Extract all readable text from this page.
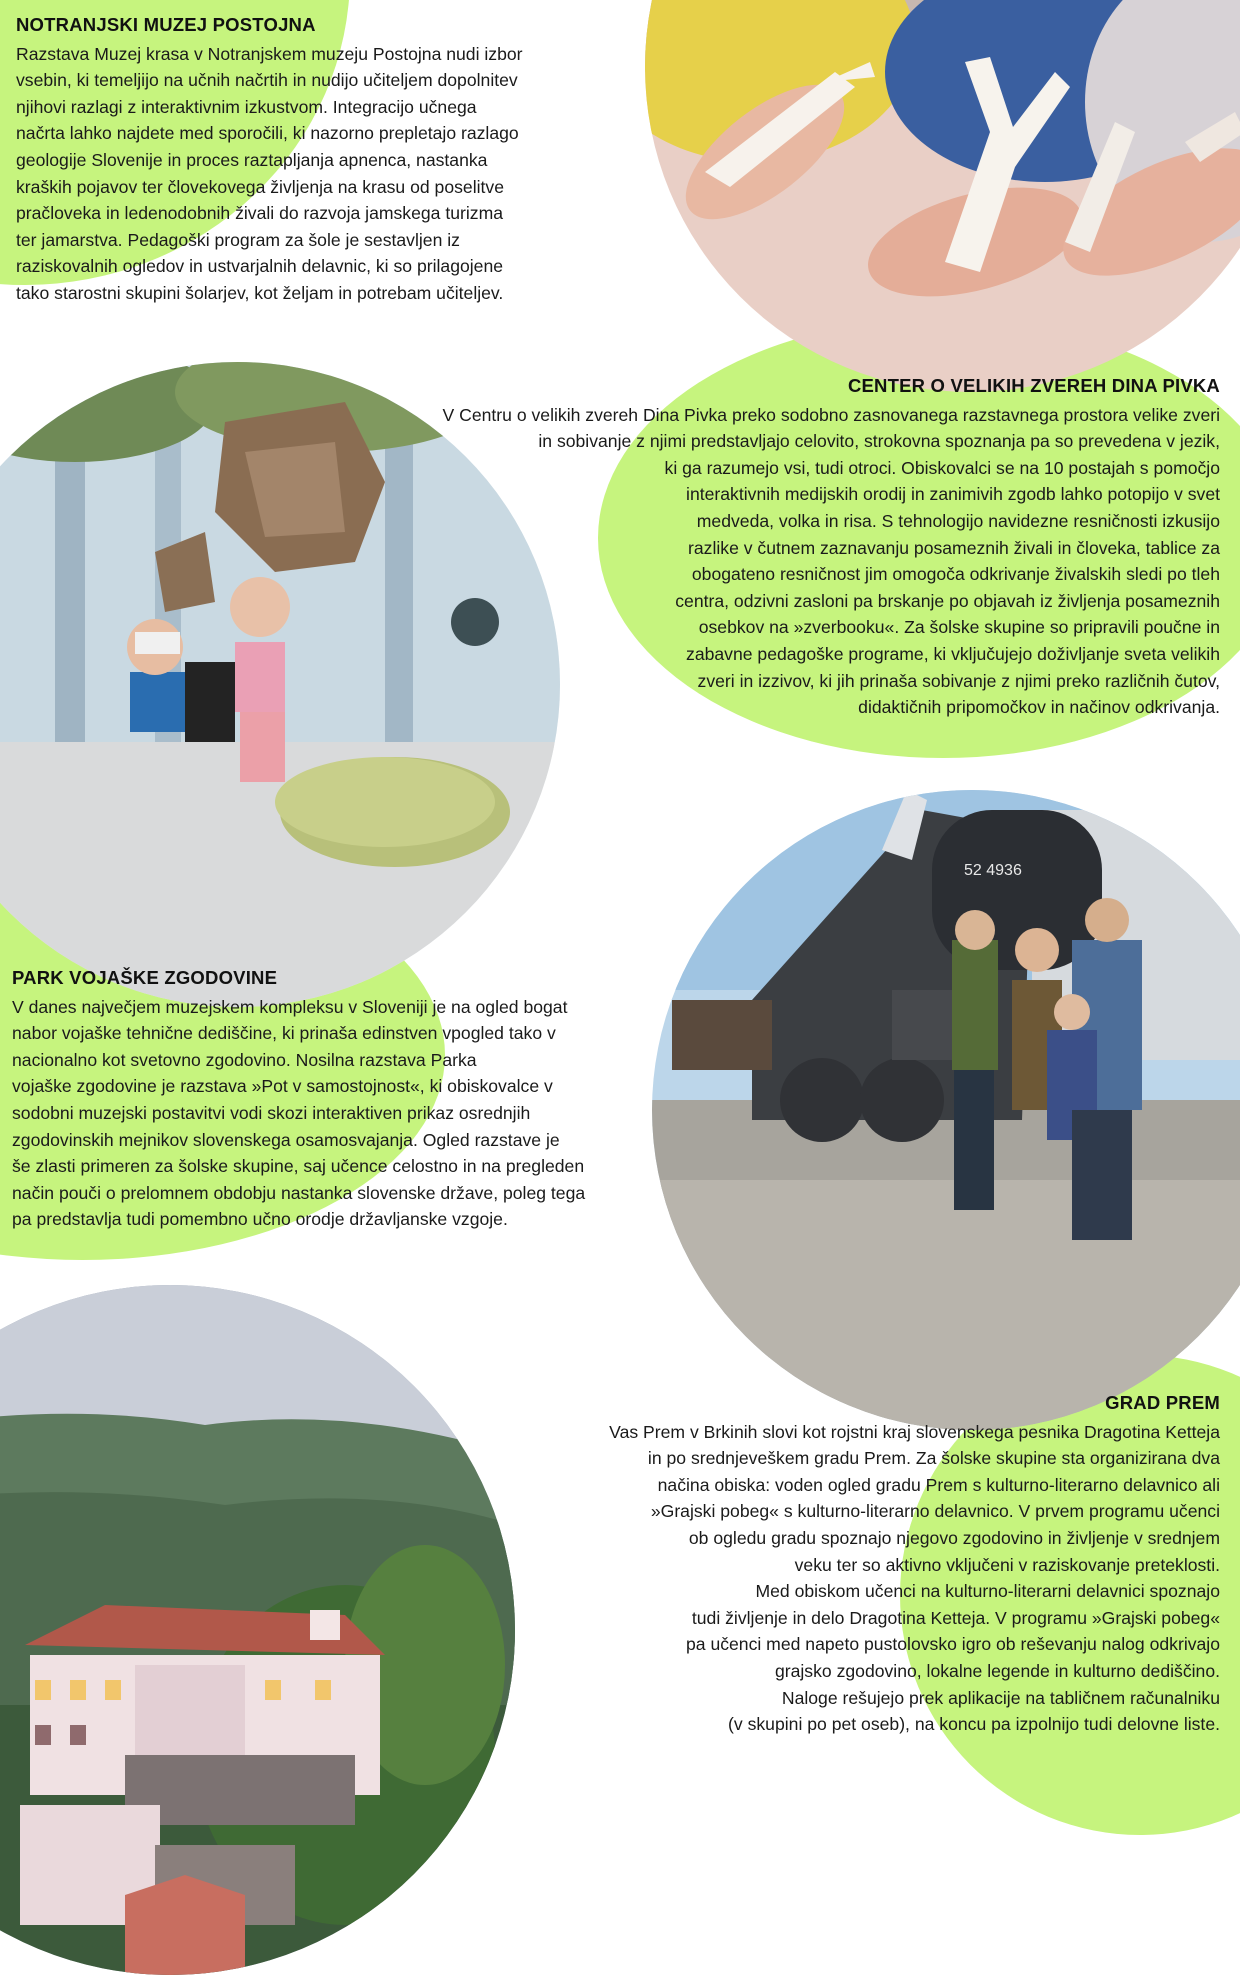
52 4936
NOTRANJSKI MUZEJ POSTOJNA

Razstava Muzej krasa v Notranjskem muzeju Postojna nudi izbor
vsebin, ki temeljijo na učnih načrtih in nudijo učiteljem dopolnitev
njihovi razlagi z interaktivnim izkustvom. Integracijo učnega
načrta lahko najdete med sporočili, ki nazorno prepletajo razlago
geologije Slovenije in proces raztapljanja apnenca, nastanka
kraških pojavov ter človekovega življenja na krasu od poselitve
pračloveka in ledenodobnih živali do razvoja jamskega turizma
ter jamarstva. Pedagoški program za šole je sestavljen iz
raziskovalnih ogledov in ustvarjalnih delavnic, ki so prilagojene
tako starostni skupini šolarjev, kot željam in potrebam učiteljev.

CENTER O VELIKIH ZVEREH DINA PIVKA

V Centru o velikih zvereh Dina Pivka preko sodobno zasnovanega razstavnega prostora velike zveri
in sobivanje z njimi predstavljajo celovito, strokovna spoznanja pa so prevedena v jezik,
ki ga razumejo vsi, tudi otroci. Obiskovalci se na 10 postajah s pomočjo
interaktivnih medijskih orodij in zanimivih zgodb lahko potopijo v svet
medveda, volka in risa. S tehnologijo navidezne resničnosti izkusijo
razlike v čutnem zaznavanju posameznih živali in človeka, tablice za
obogateno resničnost jim omogoča odkrivanje živalskih sledi po tleh
centra, odzivni zasloni pa brskanje po objavah iz življenja posameznih
osebkov na »zverbooku«. Za šolske skupine so pripravili poučne in
zabavne pedagoške programe, ki vključujejo doživljanje sveta velikih
zveri in izzivov, ki jih prinaša sobivanje z njimi preko različnih čutov,
didaktičnih pripomočkov in načinov odkrivanja.

PARK VOJAŠKE ZGODOVINE

V danes največjem muzejskem kompleksu v Sloveniji je na ogled bogat
nabor vojaške tehnične dediščine, ki prinaša edinstven vpogled tako v
nacionalno kot svetovno zgodovino. Nosilna razstava Parka
vojaške zgodovine je razstava »Pot v samostojnost«, ki obiskovalce v
sodobni muzejski postavitvi vodi skozi interaktiven prikaz osrednjih
zgodovinskih mejnikov slovenskega osamosvajanja. Ogled razstave je
še zlasti primeren za šolske skupine, saj učence celostno in na pregleden
način pouči o prelomnem obdobju nastanka slovenske države, poleg tega
pa predstavlja tudi pomembno učno orodje državljanske vzgoje.

GRAD PREM

Vas Prem v Brkinih slovi kot rojstni kraj slovenskega pesnika Dragotina Ketteja
in po srednjeveškem gradu Prem. Za šolske skupine sta organizirana dva
načina obiska: voden ogled gradu Prem s kulturno-literarno delavnico ali
»Grajski pobeg« s kulturno-literarno delavnico. V prvem programu učenci
ob ogledu gradu spoznajo njegovo zgodovino in življenje v srednjem
veku ter so aktivno vključeni v raziskovanje preteklosti.
Med obiskom učenci na kulturno-literarni delavnici spoznajo
tudi življenje in delo Dragotina Ketteja. V programu »Grajski pobeg«
pa učenci med napeto pustolovsko igro ob reševanju nalog odkrivajo
grajsko zgodovino, lokalne legende in kulturno dediščino.
Naloge rešujejo prek aplikacije na tabličnem računalniku
(v skupini po pet oseb), na koncu pa izpolnijo tudi delovne liste.
